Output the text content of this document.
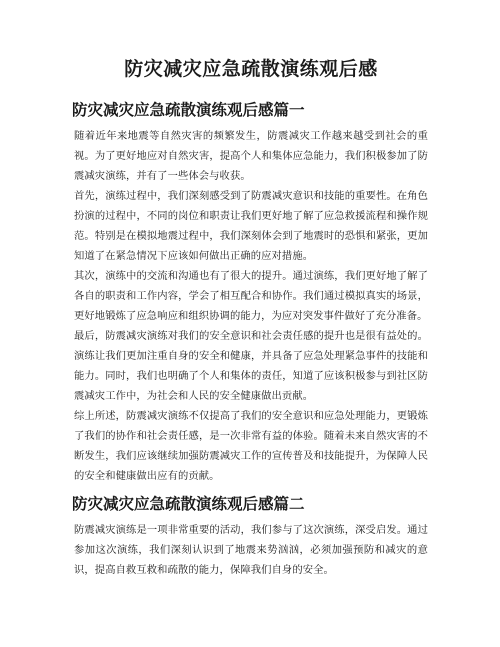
防灾减灾应急疏散演练观后感
防灾减灾应急疏散演练观后感篇一

随着近年来地震等自然灾害的频繁发生，防震减灾工作越来越受到社会的重视。为了更好地应对自然灾害，提高个人和集体应急能力，我们积极参加了防震减灾演练，并有了一些体会与收获。

首先，演练过程中，我们深刻感受到了防震减灾意识和技能的重要性。在角色扮演的过程中，不同的岗位和职责让我们更好地了解了应急救援流程和操作规范。特别是在模拟地震过程中，我们深刻体会到了地震时的恐惧和紧张，更加知道了在紧急情况下应该如何做出正确的应对措施。

其次，演练中的交流和沟通也有了很大的提升。通过演练，我们更好地了解了各自的职责和工作内容，学会了相互配合和协作。我们通过模拟真实的场景，更好地锻炼了应急响应和组织协调的能力，为应对突发事件做好了充分准备。

最后，防震减灾演练对我们的安全意识和社会责任感的提升也是很有益处的。演练让我们更加注重自身的安全和健康，并具备了应急处理紧急事件的技能和能力。同时，我们也明确了个人和集体的责任，知道了应该积极参与到社区防震减灾工作中，为社会和人民的安全健康做出贡献。

综上所述，防震减灾演练不仅提高了我们的安全意识和应急处理能力，更锻炼了我们的协作和社会责任感，是一次非常有益的体验。随着未来自然灾害的不断发生，我们应该继续加强防震减灾工作的宣传普及和技能提升，为保障人民的安全和健康做出应有的贡献。

防灾减灾应急疏散演练观后感篇二

防震减灾演练是一项非常重要的活动，我们参与了这次演练，深受启发。通过参加这次演练，我们深刻认识到了地震来势汹汹，必须加强预防和减灾的意识，提高自救互救和疏散的能力，保障我们自身的安全。
